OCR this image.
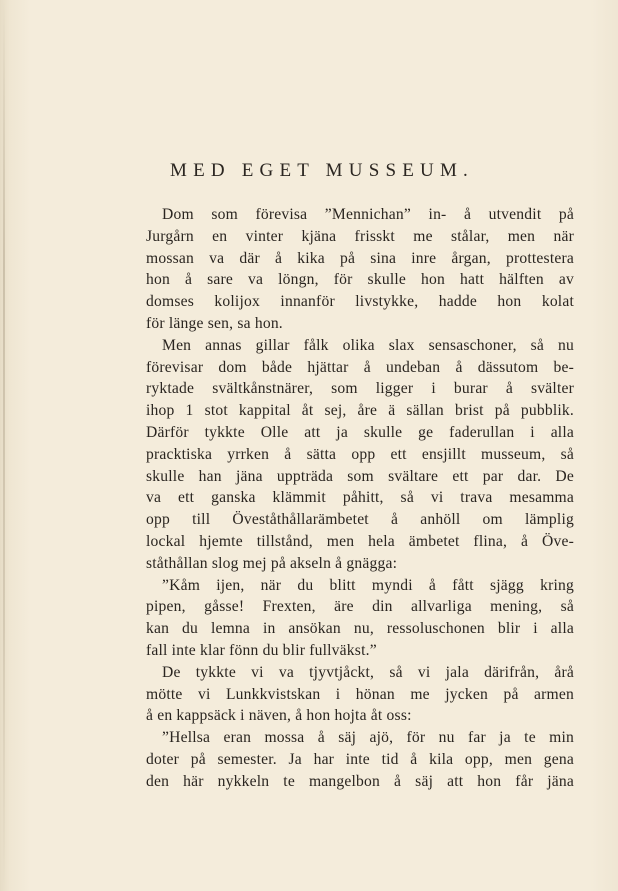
MED EGET MUSSEUM.
Dom som förevisa ”Mennichan” in- å utvendit på
Jurgårn en vinter kjäna frisskt me stålar, men när
mossan va där å kika på sina inre årgan, prottestera
hon å sare va löngn, för skulle hon hatt hälften av
domses kolijox innanför livstykke, hadde hon kolat
för länge sen, sa hon.
Men annas gillar fålk olika slax sensaschoner, så nu
förevisar dom både hjättar å undeban å dässutom be-
ryktade svältkånstnärer, som ligger i burar å svälter
ihop 1 stot kappital åt sej, åre ä sällan brist på pubblik.
Därför tykkte Olle att ja skulle ge faderullan i alla
pracktiska yrrken å sätta opp ett ensjillt musseum, så
skulle han jäna uppträda som svältare ett par dar. De
va ett ganska klämmit påhitt, så vi trava mesamma
opp till Öveståthållarämbetet å anhöll om lämplig
lockal hjemte tillstånd, men hela ämbetet flina, å Öve-
ståthållan slog mej på akseln å gnägga:
”Kåm ijen, när du blitt myndi å fått sjägg kring
pipen, gåsse! Frexten, äre din allvarliga mening, så
kan du lemna in ansökan nu, ressoluschonen blir i alla
fall inte klar fönn du blir fullväkst.”
De tykkte vi va tjyvtjåckt, så vi jala därifrån, årå
mötte vi Lunkkvistskan i hönan me jycken på armen
å en kappsäck i näven, å hon hojta åt oss:
”Hellsa eran mossa å säj ajö, för nu far ja te min
doter på semester. Ja har inte tid å kila opp, men gena
den här nykkeln te mangelbon å säj att hon får jäna
